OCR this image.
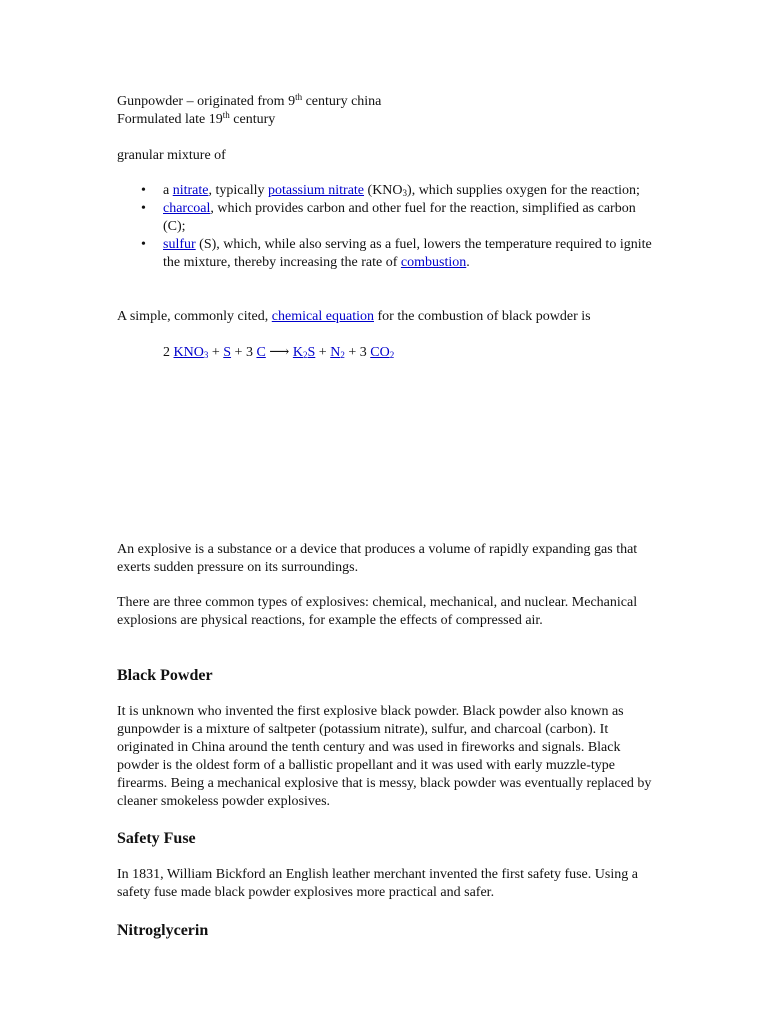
Gunpowder – originated from 9th century china

Formulated late 19th century

granular mixture of

• a nitrate, typically potassium nitrate $(KNO_3)$, which supplies oxygen for the reaction;
• charcoal, which provides carbon and other fuel for the reaction, simplified as carbon (C);
• sulfur (S), which, while also serving as a fuel, lowers the temperature required to ignite the mixture, thereby increasing the rate of combustion.

A simple, commonly cited, chemical equation for the combustion of black powder is

2 $KNO_3 + S + 3$ C ⟶ $K_2S + N_2 + 3$ $CO_2$

An explosive is a substance or a device that produces a volume of rapidly expanding gas that exerts sudden pressure on its surroundings.

There are three common types of explosives: chemical, mechanical, and nuclear. Mechanical explosions are physical reactions, for example the effects of compressed air.

Black Powder

It is unknown who invented the first explosive black powder. Black powder also known as gunpowder is a mixture of saltpeter (potassium nitrate), sulfur, and charcoal (carbon). It originated in China around the tenth century and was used in fireworks and signals. Black powder is the oldest form of a ballistic propellant and it was used with early muzzle-type firearms. Being a mechanical explosive that is messy, black powder was eventually replaced by cleaner smokeless powder explosives.

Safety Fuse

In 1831, William Bickford an English leather merchant invented the first safety fuse. Using a safety fuse made black powder explosives more practical and safer.

Nitroglycerin
